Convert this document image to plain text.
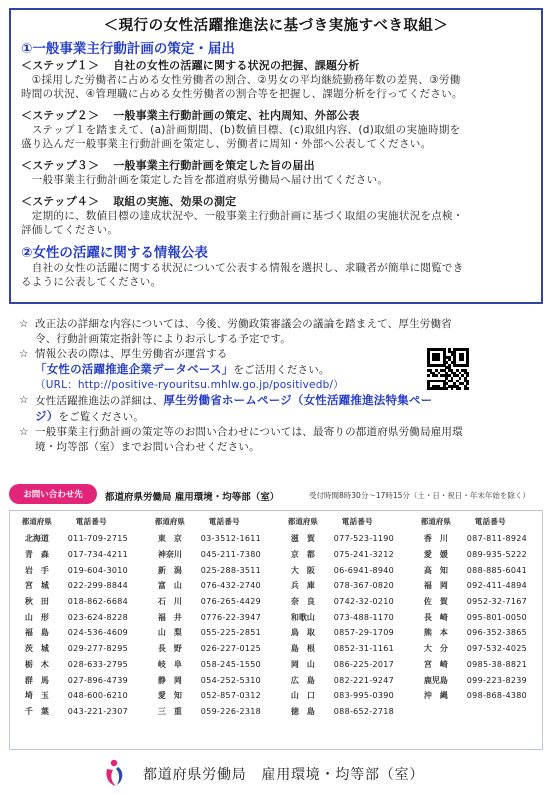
＜現行の女性活躍推進法に基づき実施すべき取組＞
①一般事業主行動計画の策定・届出
＜ステップ１＞ 自社の女性の活躍に関する状況の把握、課題分析
　①採用した労働者に占める女性労働者の割合、②男女の平均継続勤務年数の差異、③労働
時間の状況、④管理職に占める女性労働者の割合等を把握し、課題分析を行ってください。
＜ステップ２＞ 一般事業主行動計画の策定、社内周知、外部公表
　ステップ１を踏まえて、(a)計画期間、(b)数値目標、(c)取組内容、(d)取組の実施時期を
盛り込んだ一般事業主行動計画を策定し、労働者に周知・外部へ公表してください。
＜ステップ３＞ 一般事業主行動計画を策定した旨の届出
　一般事業主行動計画を策定した旨を都道府県労働局へ届け出てください。
＜ステップ４＞ 取組の実施、効果の測定
　定期的に、数値目標の達成状況や、一般事業主行動計画に基づく取組の実施状況を点検・
評価してください。
②女性の活躍に関する情報公表
　自社の女性の活躍に関する状況について公表する情報を選択し、求職者が簡単に閲覧でき
るように公表してください。
☆ 改正法の詳細な内容については、今後、労働政策審議会の議論を踏まえて、厚生労働省
令、行動計画策定指針等によりお示しする予定です。
☆ 情報公表の際は、厚生労働省が運営する
「女性の活躍推進企業データベース」をご活用ください。
（URL：http://positive-ryouritsu.mhlw.go.jp/positivedb/）
☆ 女性活躍推進法の詳細は、厚生労働省ホームページ（女性活躍推進法特集ペー
ジ）をご覧ください。
☆ 一般事業主行動計画の策定等のお問い合わせについては、最寄りの都道府県労働局雇用環
境・均等部（室）までお問い合わせください。
お問い合わせ先	都道府県労働局 雇用環境・均等部（室）	受付時間8時30分～17時15分（土・日・祝日・年末年始を除く）
都道府県	電話番号	都道府県	電話番号	都道府県	電話番号	都道府県	電話番号
北海道	011-709-2715	東　京	03-3512-1611	滋　賀	077-523-1190	香　川	087-811-8924
青　森	017-734-4211	神奈川	045-211-7380	京　都	075-241-3212	愛　媛	089-935-5222
岩　手	019-604-3010	新　潟	025-288-3511	大　阪	06-6941-8940	高　知	088-885-6041
宮　城	022-299-8844	富　山	076-432-2740	兵　庫	078-367-0820	福　岡	092-411-4894
秋　田	018-862-6684	石　川	076-265-4429	奈　良	0742-32-0210	佐　賀	0952-32-7167
山　形	023-624-8228	福　井	0776-22-3947	和歌山	073-488-1170	長　崎	095-801-0050
福　島	024-536-4609	山　梨	055-225-2851	鳥　取	0857-29-1709	熊　本	096-352-3865
茨　城	029-277-8295	長　野	026-227-0125	島　根	0852-31-1161	大　分	097-532-4025
栃　木	028-633-2795	岐　阜	058-245-1550	岡　山	086-225-2017	宮　崎	0985-38-8821
群　馬	027-896-4739	静　岡	054-252-5310	広　島	082-221-9247	鹿児島	099-223-8239
埼　玉	048-600-6210	愛　知	052-857-0312	山　口	083-995-0390	沖　縄	098-868-4380
千　葉	043-221-2307	三　重	059-226-2318	徳　島	088-652-2718
都道府県労働局　雇用環境・均等部（室）
